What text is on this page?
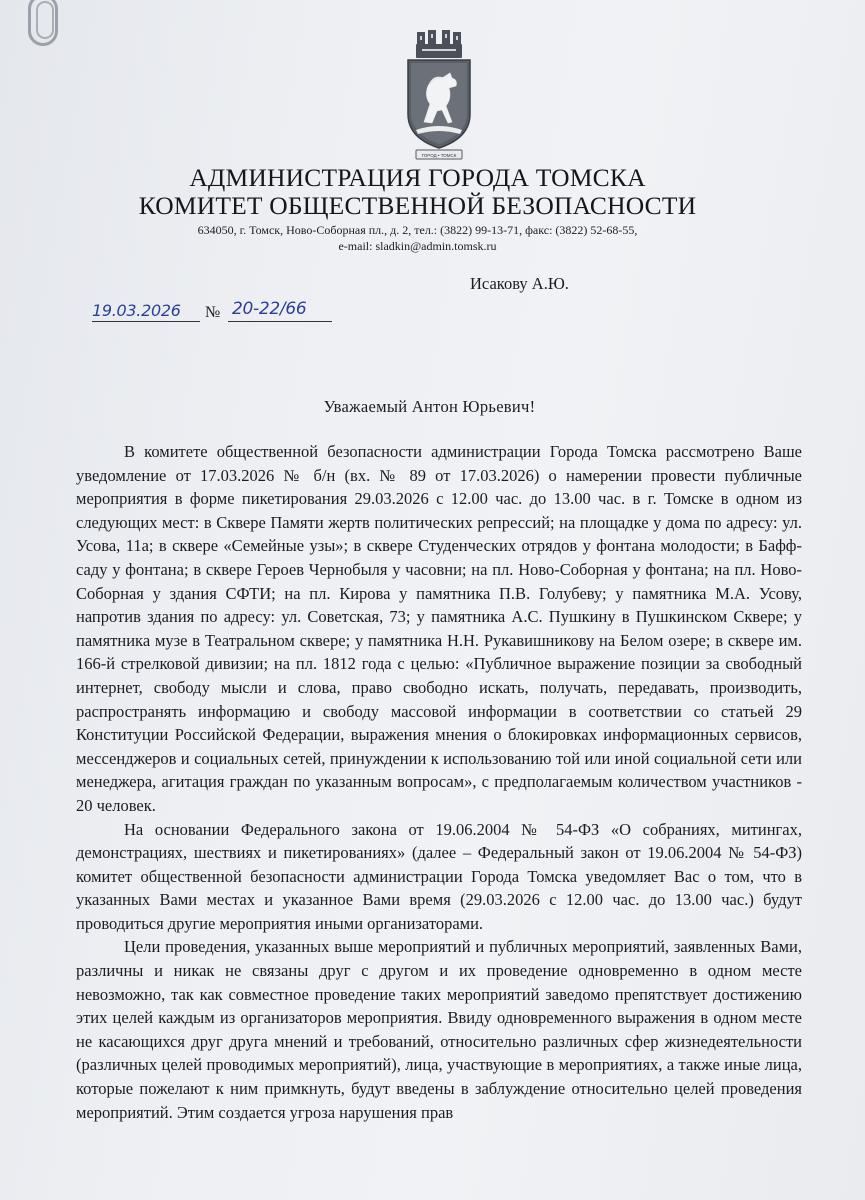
ГОРОД • ТОМСК
АДМИНИСТРАЦИЯ ГОРОДА ТОМСКА
КОМИТЕТ ОБЩЕСТВЕННОЙ БЕЗОПАСНОСТИ
634050, г. Томск, Ново-Соборная пл., д. 2, тел.: (3822) 99-13-71, факс: (3822) 52-68-55,
e-mail: sladkin@admin.tomsk.ru
Исакову А.Ю.
19.03.2026 № 20-22/66
Уважаемый Антон Юрьевич!

В комитете общественной безопасности администрации Города Томска рассмотрено Ваше уведомление от 17.03.2026 № б/н (вх. № 89 от 17.03.2026) о намерении провести публичные мероприятия в форме пикетирования 29.03.2026 с 12.00 час. до 13.00 час. в г. Томске в одном из следующих мест: в Сквере Памяти жертв политических репрессий; на площадке у дома по адресу: ул. Усова, 11а; в сквере «Семейные узы»; в сквере Студенческих отрядов у фонтана молодости; в Бафф-саду у фонтана; в сквере Героев Чернобыля у часовни; на пл. Ново-Соборная у фонтана; на пл. Ново-Соборная у здания СФТИ; на пл. Кирова у памятника П.В. Голубеву; у памятника М.А. Усову, напротив здания по адресу: ул. Советская, 73; у памятника А.С. Пушкину в Пушкинском Сквере; у памятника музе в Театральном сквере; у памятника Н.Н. Рукавишникову на Белом озере; в сквере им. 166-й стрелковой дивизии; на пл. 1812 года с целью: «Публичное выражение позиции за свободный интернет, свободу мысли и слова, право свободно искать, получать, передавать, производить, распространять информацию и свободу массовой информации в соответствии со статьей 29 Конституции Российской Федерации, выражения мнения о блокировках информационных сервисов, мессенджеров и социальных сетей, принуждении к использованию той или иной социальной сети или менеджера, агитация граждан по указанным вопросам», с предполагаемым количеством участников - 20 человек.

На основании Федерального закона от 19.06.2004 № 54-ФЗ «О собраниях, митингах, демонстрациях, шествиях и пикетированиях» (далее – Федеральный закон от 19.06.2004 № 54-ФЗ) комитет общественной безопасности администрации Города Томска уведомляет Вас о том, что в указанных Вами местах и указанное Вами время (29.03.2026 с 12.00 час. до 13.00 час.) будут проводиться другие мероприятия иными организаторами.

Цели проведения, указанных выше мероприятий и публичных мероприятий, заявленных Вами, различны и никак не связаны друг с другом и их проведение одновременно в одном месте невозможно, так как совместное проведение таких мероприятий заведомо препятствует достижению этих целей каждым из организаторов мероприятия. Ввиду одновременного выражения в одном месте не касающихся друг друга мнений и требований, относительно различных сфер жизнедеятельности (различных целей проводимых мероприятий), лица, участвующие в мероприятиях, а также иные лица, которые пожелают к ним примкнуть, будут введены в заблуждение относительно целей проведения мероприятий. Этим создается угроза нарушения прав
